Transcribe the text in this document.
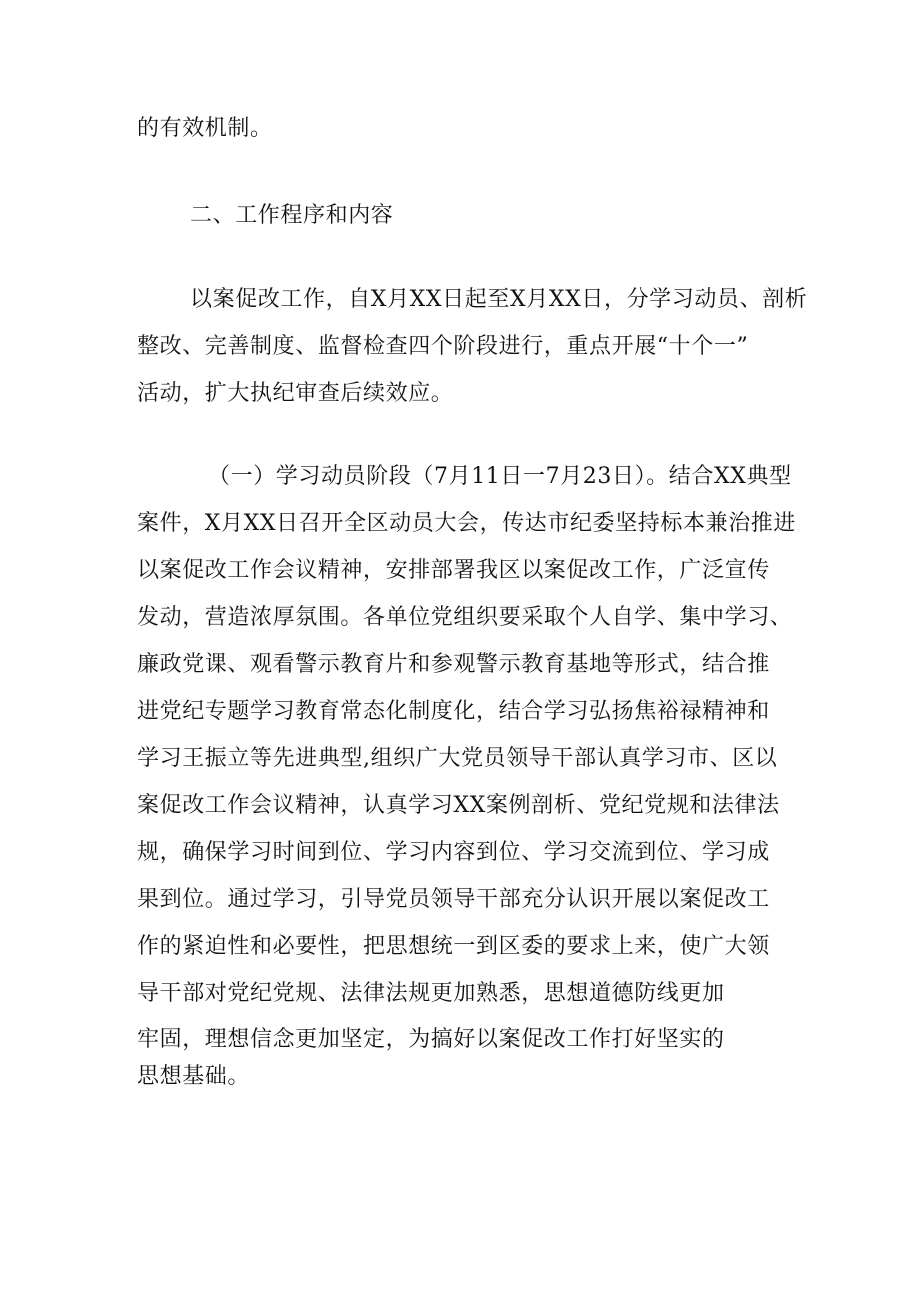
的有效机制。
二、工作程序和内容
以案促改工作，自X月XX日起至X月XX日，分学习动员、剖析
整改、完善制度、监督检查四个阶段进行，重点开展“十个一”
活动，扩大执纪审查后续效应。
（一）学习动员阶段（7月11日一7月23日）。结合XX典型
案件，X月XX日召开全区动员大会，传达市纪委坚持标本兼治推进
以案促改工作会议精神，安排部署我区以案促改工作，广泛宣传
发动，营造浓厚氛围。各单位党组织要采取个人自学、集中学习、
廉政党课、观看警示教育片和参观警示教育基地等形式，结合推
进党纪专题学习教育常态化制度化，结合学习弘扬焦裕禄精神和
学习王振立等先进典型,组织广大党员领导干部认真学习市、区以
案促改工作会议精神，认真学习XX案例剖析、党纪党规和法律法
规，确保学习时间到位、学习内容到位、学习交流到位、学习成
果到位。通过学习，引导党员领导干部充分认识开展以案促改工
作的紧迫性和必要性，把思想统一到区委的要求上来，使广大领
导干部对党纪党规、法律法规更加熟悉，思想道德防线更加
牢固，理想信念更加坚定，为搞好以案促改工作打好坚实的
思想基础。
